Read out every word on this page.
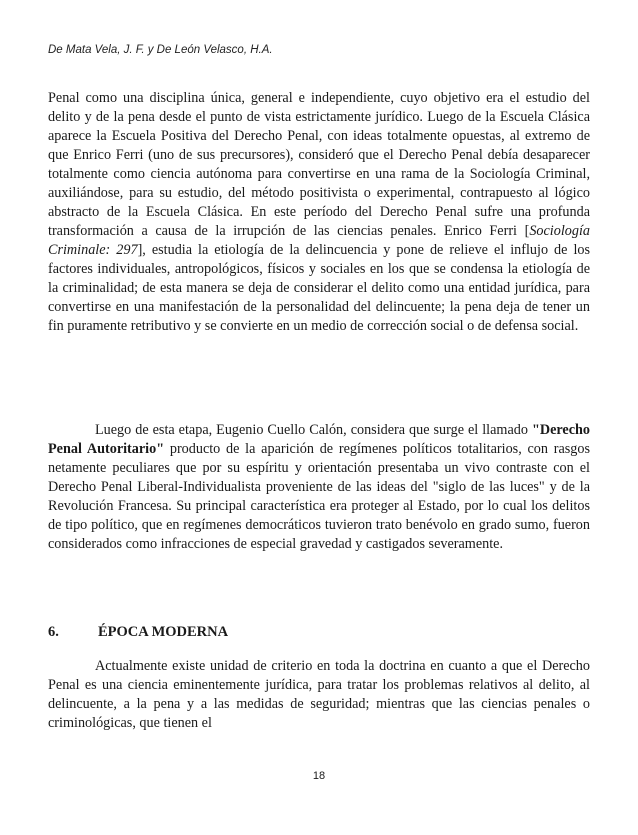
De Mata Vela, J. F. y De León Velasco, H.A.

Penal como una disciplina única, general e independiente, cuyo objetivo era el estudio del delito y de la pena desde el punto de vista estrictamente jurídico. Luego de la Escuela Clásica aparece la Escuela Positiva del Derecho Penal, con ideas totalmente opuestas, al extremo de que Enrico Ferri (uno de sus precursores), consideró que el Derecho Penal debía desaparecer totalmente como ciencia autónoma para convertirse en una rama de la Sociología Criminal, auxiliándose, para su estudio, del método positivista o experimental, contrapuesto al lógico abstracto de la Escuela Clásica. En este período del Derecho Penal sufre una profunda transformación a causa de la irrupción de las ciencias penales. Enrico Ferri [Sociología Criminale: 297], estudia la etiología de la delincuencia y pone de relieve el influjo de los factores individuales, antropológicos, físicos y sociales en los que se condensa la etiología de la criminalidad; de esta manera se deja de considerar el delito como una entidad jurídica, para convertirse en una manifestación de la personalidad del delincuente; la pena deja de tener un fin puramente retributivo y se convierte en un medio de corrección social o de defensa social.

Luego de esta etapa, Eugenio Cuello Calón, considera que surge el llamado "Derecho Penal Autoritario" producto de la aparición de regímenes políticos totalitarios, con rasgos netamente peculiares que por su espíritu y orientación presentaba un vivo contraste con el Derecho Penal Liberal-Individualista proveniente de las ideas del "siglo de las luces" y de la Revolución Francesa. Su principal característica era proteger al Estado, por lo cual los delitos de tipo político, que en regímenes democráticos tuvieron trato benévolo en grado sumo, fueron considerados como infracciones de especial gravedad y castigados severamente.

6.	ÉPOCA MODERNA

Actualmente existe unidad de criterio en toda la doctrina en cuanto a que el Derecho Penal es una ciencia eminentemente jurídica, para tratar los problemas relativos al delito, al delincuente, a la pena y a las medidas de seguridad; mientras que las ciencias penales o criminológicas, que tienen el

18
